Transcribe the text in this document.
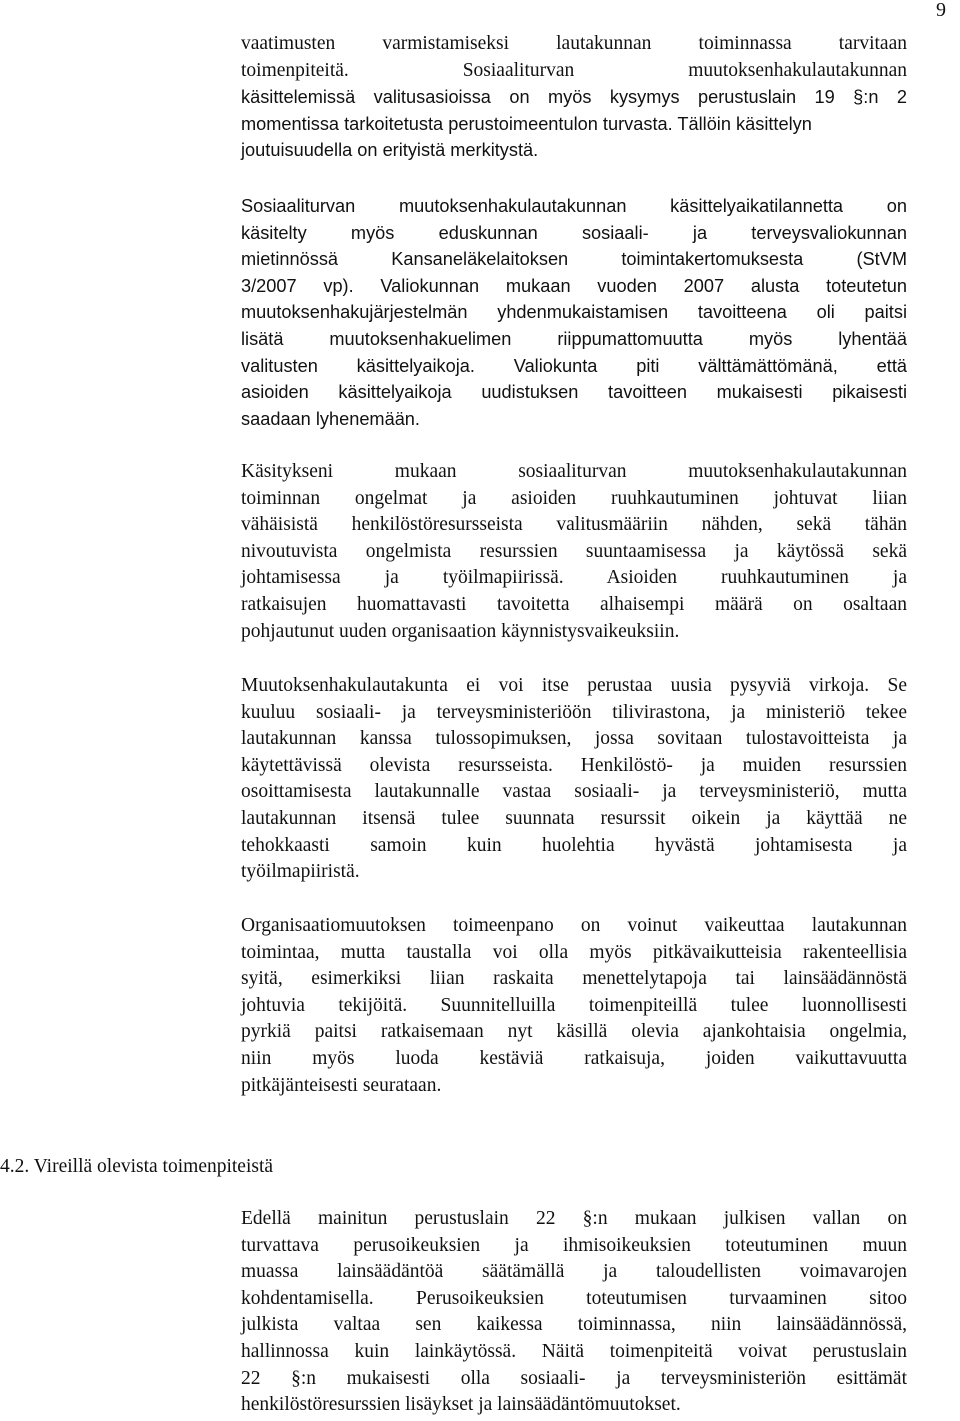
9
vaatimusten varmistamiseksi lautakunnan toiminnassa tarvitaan
toimenpiteitä. Sosiaaliturvan muutoksenhakulautakunnan
käsittelemissä valitusasioissa on myös kysymys perustuslain 19 §:n 2
momentissa tarkoitetusta perustoimeentulon turvasta. Tällöin käsittelyn
joutuisuudella on erityistä merkitystä.
Sosiaaliturvan muutoksenhakulautakunnan käsittelyaikatilannetta on
käsitelty myös eduskunnan sosiaali- ja terveysvaliokunnan
mietinnössä Kansaneläkelaitoksen toimintakertomuksesta (StVM
3/2007 vp). Valiokunnan mukaan vuoden 2007 alusta toteutetun
muutoksenhakujärjestelmän yhdenmukaistamisen tavoitteena oli paitsi
lisätä muutoksenhakuelimen riippumattomuutta myös lyhentää
valitusten käsittelyaikoja. Valiokunta piti välttämättömänä, että
asioiden käsittelyaikoja uudistuksen tavoitteen mukaisesti pikaisesti
saadaan lyhenemään.
Käsitykseni mukaan sosiaaliturvan muutoksenhakulautakunnan
toiminnan ongelmat ja asioiden ruuhkautuminen johtuvat liian
vähäisistä henkilöstöresursseista valitusmääriin nähden, sekä tähän
nivoutuvista ongelmista resurssien suuntaamisessa ja käytössä sekä
johtamisessa ja työilmapiirissä. Asioiden ruuhkautuminen ja
ratkaisujen huomattavasti tavoitetta alhaisempi määrä on osaltaan
pohjautunut uuden organisaation käynnistysvaikeuksiin.
Muutoksenhakulautakunta ei voi itse perustaa uusia pysyviä virkoja. Se
kuuluu sosiaali- ja terveysministeriöön tilivirastona, ja ministeriö tekee
lautakunnan kanssa tulossopimuksen, jossa sovitaan tulostavoitteista ja
käytettävissä olevista resursseista. Henkilöstö- ja muiden resurssien
osoittamisesta lautakunnalle vastaa sosiaali- ja terveysministeriö, mutta
lautakunnan itsensä tulee suunnata resurssit oikein ja käyttää ne
tehokkaasti samoin kuin huolehtia hyvästä johtamisesta ja
työilmapiiristä.
Organisaatiomuutoksen toimeenpano on voinut vaikeuttaa lautakunnan
toimintaa, mutta taustalla voi olla myös pitkävaikutteisia rakenteellisia
syitä, esimerkiksi liian raskaita menettelytapoja tai lainsäädännöstä
johtuvia tekijöitä. Suunnitelluilla toimenpiteillä tulee luonnollisesti
pyrkiä paitsi ratkaisemaan nyt käsillä olevia ajankohtaisia ongelmia,
niin myös luoda kestäviä ratkaisuja, joiden vaikuttavuutta
pitkäjänteisesti seurataan.
4.2. Vireillä olevista toimenpiteistä
Edellä mainitun perustuslain 22 §:n mukaan julkisen vallan on
turvattava perusoikeuksien ja ihmisoikeuksien toteutuminen muun
muassa lainsäädäntöä säätämällä ja taloudellisten voimavarojen
kohdentamisella. Perusoikeuksien toteutumisen turvaaminen sitoo
julkista valtaa sen kaikessa toiminnassa, niin lainsäädännössä,
hallinnossa kuin lainkäytössä. Näitä toimenpiteitä voivat perustuslain
22 §:n mukaisesti olla sosiaali- ja terveysministeriön esittämät
henkilöstöresurssien lisäykset ja lainsäädäntömuutokset.
